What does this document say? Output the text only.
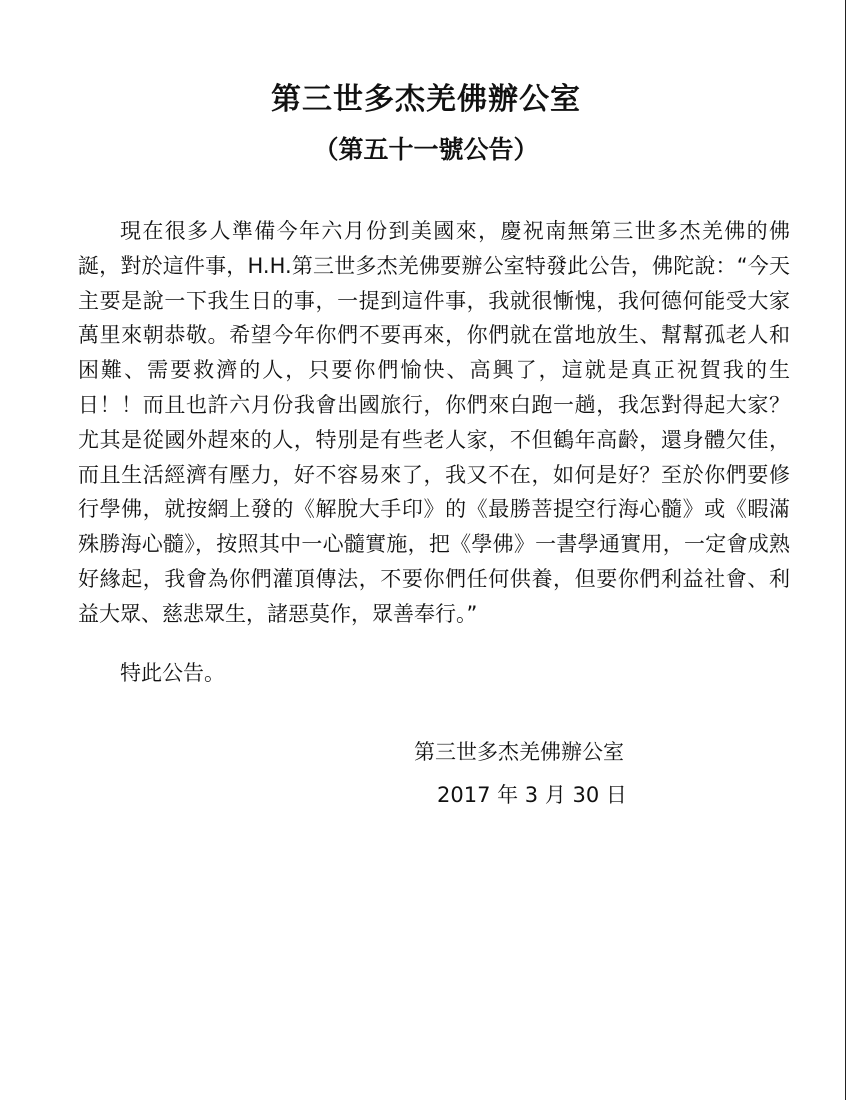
第三世多杰羌佛辦公室
（第五十一號公告）

現在很多人準備今年六月份到美國來，慶祝南無第三世多杰羌佛的佛誕，對於這件事，H.H.第三世多杰羌佛要辦公室特發此公告，佛陀說：“今天主要是說一下我生日的事，一提到這件事，我就很慚愧，我何德何能受大家萬里來朝恭敬。希望今年你們不要再來，你們就在當地放生、幫幫孤老人和困難、需要救濟的人，只要你們愉快、高興了，這就是真正祝賀我的生日！！而且也許六月份我會出國旅行，你們來白跑一趟，我怎對得起大家？尤其是從國外趕來的人，特別是有些老人家，不但鶴年高齡，還身體欠佳，而且生活經濟有壓力，好不容易來了，我又不在，如何是好？至於你們要修行學佛，就按網上發的《解脫大手印》的《最勝菩提空行海心髓》或《暇滿殊勝海心髓》，按照其中一心髓實施，把《學佛》一書學通實用，一定會成熟好緣起，我會為你們灌頂傳法，不要你們任何供養，但要你們利益社會、利益大眾、慈悲眾生，諸惡莫作，眾善奉行。”

特此公告。
第三世多杰羌佛辦公室
2017 年 3 月 30 日
